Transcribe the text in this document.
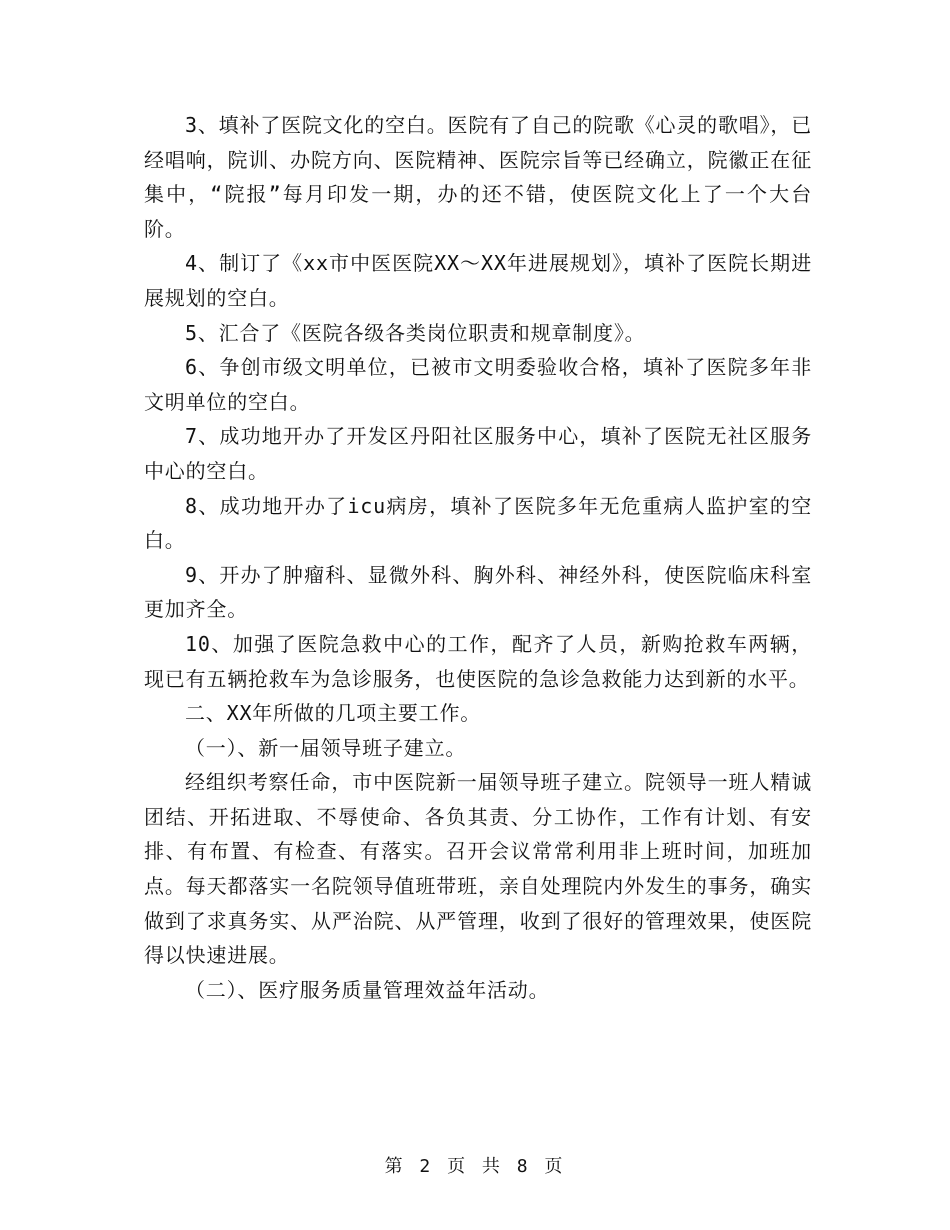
3、填补了医院文化的空白。医院有了自己的院歌《心灵的歌唱》，已经唱响，院训、办院方向、医院精神、医院宗旨等已经确立，院徽正在征集中，“院报”每月印发一期，办的还不错，使医院文化上了一个大台阶。

4、制订了《xx市中医医院XX～XX年进展规划》，填补了医院长期进展规划的空白。

5、汇合了《医院各级各类岗位职责和规章制度》。

6、争创市级文明单位，已被市文明委验收合格，填补了医院多年非文明单位的空白。

7、成功地开办了开发区丹阳社区服务中心，填补了医院无社区服务中心的空白。

8、成功地开办了icu病房，填补了医院多年无危重病人监护室的空白。

9、开办了肿瘤科、显微外科、胸外科、神经外科，使医院临床科室更加齐全。

10、加强了医院急救中心的工作，配齐了人员，新购抢救车两辆，现已有五辆抢救车为急诊服务，也使医院的急诊急救能力达到新的水平。

二、XX年所做的几项主要工作。

（一）、新一届领导班子建立。

经组织考察任命，市中医院新一届领导班子建立。院领导一班人精诚团结、开拓进取、不辱使命、各负其责、分工协作，工作有计划、有安排、有布置、有检查、有落实。召开会议常常利用非上班时间，加班加点。每天都落实一名院领导值班带班，亲自处理院内外发生的事务，确实做到了求真务实、从严治院、从严管理，收到了很好的管理效果，使医院得以快速进展。

（二）、医疗服务质量管理效益年活动。

第 2 页 共 8 页
